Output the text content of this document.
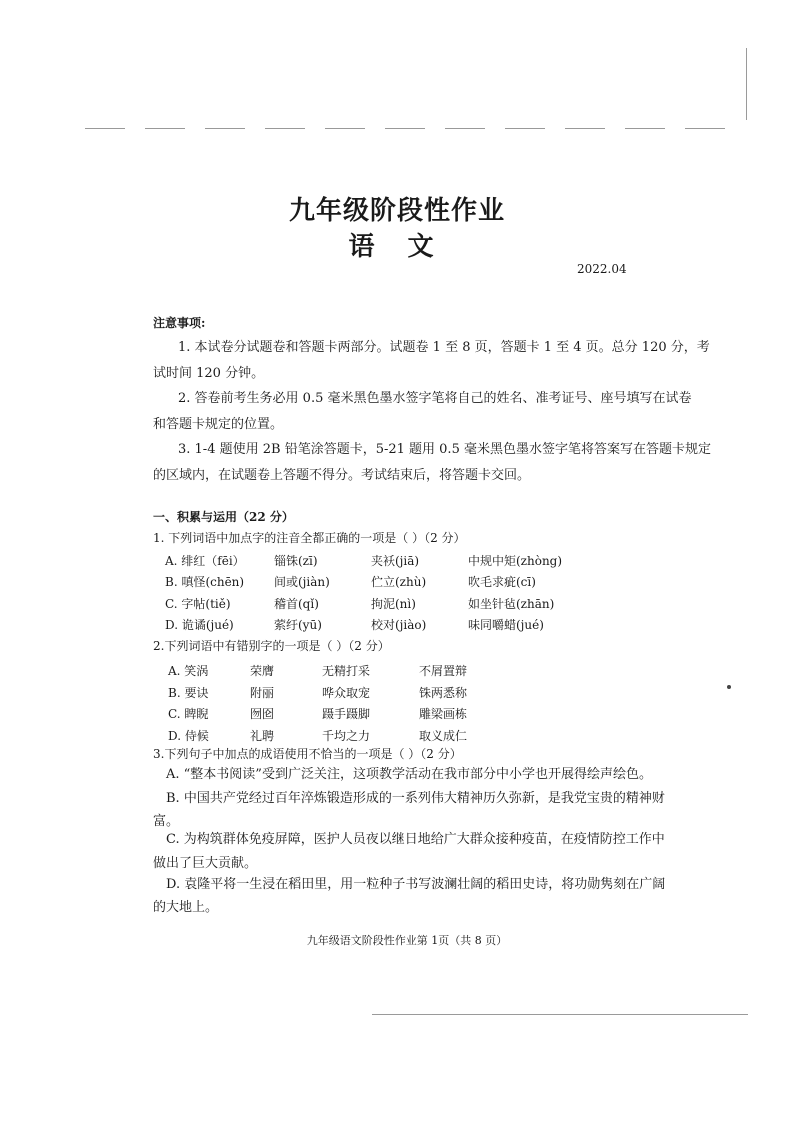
九年级阶段性作业
语 文
2022.04
注意事项:
1. 本试卷分试题卷和答题卡两部分。试题卷 1 至 8 页，答题卡 1 至 4 页。总分 120 分，考
试时间 120 分钟。
2. 答卷前考生务必用 0.5 毫米黑色墨水签字笔将自己的姓名、准考证号、座号填写在试卷
和答题卡规定的位置。
3. 1-4 题使用 2B 铅笔涂答题卡，5-21 题用 0.5 毫米黑色墨水签字笔将答案写在答题卡规定
的区域内，在试题卷上答题不得分。考试结束后，将答题卡交回。
一、积累与运用（22 分）
1. 下列词语中加点字的注音全都正确的一项是（ ）（2 分）
A. 绯红（fēi） 锱铢(zī)	夹袄(jiā)	中规中矩(zhòng)
B. 嗔怪(chēn) 间或(jiàn)	伫立(zhù)	吹毛求疵(cī)
C. 字帖(tiě)	稽首(qǐ)	拘泥(nì)	如坐针毡(zhān)
D. 诡谲(jué)	萦纡(yū)	校对(jiào)	味同嚼蜡(jué)
2.下列词语中有错别字的一项是（ ）（2 分）
A. 笑涡	荣膺	无精打采	不屑置辩
B. 要诀	附丽	哗众取宠	铢两悉称
C. 睥睨	囫囵	蹑手蹑脚	雕梁画栋
D. 侍候	礼聘	千均之力	取义成仁
3.下列句子中加点的成语使用不恰当的一项是（ ）（2 分）
A. “整本书阅读”受到广泛关注，这项教学活动在我市部分中小学也开展得绘声绘色。
B. 中国共产党经过百年淬炼锻造形成的一系列伟大精神历久弥新，是我党宝贵的精神财
富。
C. 为构筑群体免疫屏障，医护人员夜以继日地给广大群众接种疫苗，在疫情防控工作中
做出了巨大贡献。
D. 袁隆平将一生浸在稻田里，用一粒种子书写波澜壮阔的稻田史诗，将功勋隽刻在广阔
的大地上。
九年级语文阶段性作业第 1页（共 8 页）
